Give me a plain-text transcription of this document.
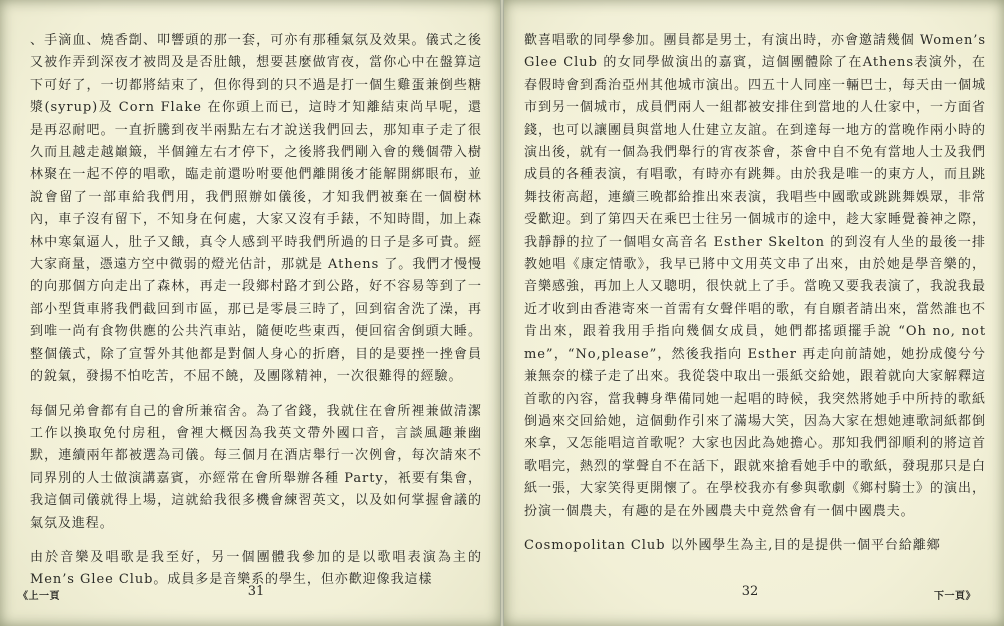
、手滴血、燒香劏、叩響頭的那一套，可亦有那種氣氛及效果。儀式之後又被作弄到深夜才被問及是否肚餓，想要甚麼做宵夜，當你心中在盤算這下可好了，一切都將結束了，但你得到的只不過是打一個生雞蛋兼倒些糖漿(syrup)及 Corn Flake 在你頭上而已，這時才知離結束尚早呢，還是再忍耐吧。一直折騰到夜半兩點左右才說送我們回去，那知車子走了很久而且越走越巔簸，半個鐘左右才停下，之後將我們剛入會的幾個帶入樹林聚在一起不停的唱歌，臨走前還吩咐要他們離開後才能解開綁眼布，並說會留了一部車給我們用，我們照辦如儀後，才知我們被棄在一個樹林內，車子沒有留下，不知身在何處，大家又沒有手錶，不知時間，加上森林中寒氣逼人，肚子又餓，真令人感到平時我們所過的日子是多可貴。經大家商量，憑遠方空中微弱的燈光估計，那就是 Athens 了。我們才慢慢的向那個方向走出了森林，再走一段鄉村路才到公路，好不容易等到了一部小型貨車將我們截回到市區，那已是零晨三時了，回到宿舍洗了澡，再到唯一尚有食物供應的公共汽車站，隨便吃些東西，便回宿舍倒頭大睡。整個儀式，除了宣誓外其他都是對個人身心的折磨，目的是要挫一挫會員的銳氣，發揚不怕吃苦，不屈不饒，及團隊精神，一次很難得的經驗。

每個兄弟會都有自己的會所兼宿舍。為了省錢，我就住在會所裡兼做清潔工作以換取免付房租，會裡大概因為我英文帶外國口音，言談風趣兼幽默，連續兩年都被選為司儀。每三個月在酒店舉行一次例會，每次請來不同界別的人士做演講嘉賓，亦經常在會所舉辦各種 Party，衹要有集會，我這個司儀就得上場，這就給我很多機會練習英文，以及如何掌握會議的氣氛及進程。

由於音樂及唱歌是我至好，另一個團體我參加的是以歌唱表演為主的 Men’s Glee Club。成員多是音樂系的學生，但亦歡迎像我這樣

《上一頁	31

歡喜唱歌的同學參加。團員都是男士，有演出時，亦會邀請幾個 Women’s Glee Club 的女同學做演出的嘉賓，這個團體除了在Athens表演外，在春假時會到喬治亞州其他城市演出。四五十人同座一輛巴士，每天由一個城市到另一個城市，成員們兩人一組都被安排住到當地的人仕家中，一方面省錢，也可以讓團員與當地人仕建立友誼。在到達每一地方的當晚作兩小時的演出後，就有一個為我們舉行的宵夜茶會，茶會中自不免有當地人士及我們成員的各種表演，有唱歌，有時亦有跳舞。由於我是唯一的東方人，而且跳舞技術高超，連續三晚都給推出來表演，我唱些中國歌或跳跳舞娛眾，非常受歡迎。到了第四天在乘巴士往另一個城市的途中，趁大家睡覺養神之際，我靜靜的拉了一個唱女高音名 Esther Skelton 的到沒有人坐的最後一排教她唱《康定情歌》，我早已將中文用英文串了出來，由於她是學音樂的，音樂感強，再加上人又聰明，很快就上了手。當晚又要我表演了，我說我最近才收到由香港寄來一首需有女聲伴唱的歌，有自願者請出來，當然誰也不肯出來，跟着我用手指向幾個女成員，她們都搖頭擺手說 “Oh no, not me”，“No,please”，然後我指向 Esther 再走向前請她，她扮成傻兮兮兼無奈的樣子走了出來。我從袋中取出一張紙交給她，跟着就向大家解釋這首歌的內容，當我轉身準備同她一起唱的時候，我突然將她手中所持的歌紙倒過來交回給她，這個動作引來了滿場大笑，因為大家在想她連歌詞紙都倒來拿，又怎能唱這首歌呢？大家也因此為她擔心。那知我們卻順利的將這首歌唱完，熱烈的掌聲自不在話下，跟就來搶看她手中的歌紙，發現那只是白紙一張，大家笑得更開懷了。在學校我亦有參與歌劇《鄉村騎士》的演出，扮演一個農夫，有趣的是在外國農夫中竟然會有一個中國農夫。

Cosmopolitan Club 以外國學生為主,目的是提供一個平台給離鄉

32	下一頁》
